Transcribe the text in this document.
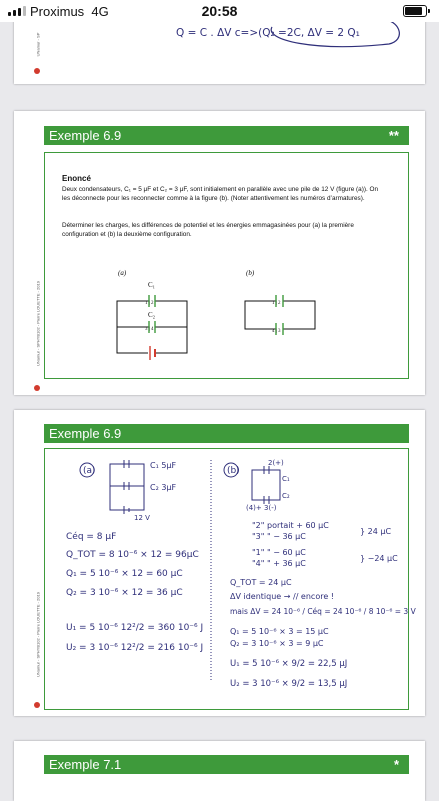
Proximus 4G	20:58
Q = C . ΔV c=>(Q₂ =2C, ΔV = 2 Q₁
UNamur - SP
Exemple 6.9	**
UNamur - SPHYB102 - Pierre LOUETTE - 2019
Enoncé
Deux condensateurs, C₁ = 5 μF et C₂ = 3 μF, sont initialement en parallèle avec une pile de 12 V (figure (a)). On les déconnecte pour les reconnecter comme à la figure (b). (Noter attentivement les numéros d’armatures).
Déterminer les charges, les différences de potentiel et les énergies emmagasinées pour (a) la première configuration et (b) la deuxième configuration.
(a)	(b)
C₁
C₂
1 | 2
3 | 4
1 | 2
4 | 3
Exemple 6.9
UNamur - SPHYB102 - Pierre LOUETTE - 2019
(a)	(b)
C₁ 5μF
C₂ 3μF
12 V
2(+)
C₁
C₂
(4)+ 3(-)
Céq = 8 μF
Q_TOT = 8 10⁻⁶ × 12 = 96μC
Q₁ = 5 10⁻⁶ × 12 = 60 μC
Q₂ = 3 10⁻⁶ × 12 = 36 μC
U₁ = 5 10⁻⁶ 12²/2 = 360 10⁻⁶ J
U₂ = 3 10⁻⁶ 12²/2 = 216 10⁻⁶ J
"2" portait + 60 μC
"3" " − 36 μC
} 24 μC
"1" " − 60 μC
"4" " + 36 μC
} −24 μC
Q_TOT = 24 μC
ΔV identique → // encore !
mais ΔV = 24 10⁻⁶ / Céq = 24 10⁻⁶ / 8 10⁻⁶ = 3 V
Q₁ = 5 10⁻⁶ × 3 = 15 μC
Q₂ = 3 10⁻⁶ × 3 = 9 μC
U₁ = 5 10⁻⁶ × 9/2 = 22,5 μJ
U₂ = 3 10⁻⁶ × 9/2 = 13,5 μJ
Exemple 7.1	*
